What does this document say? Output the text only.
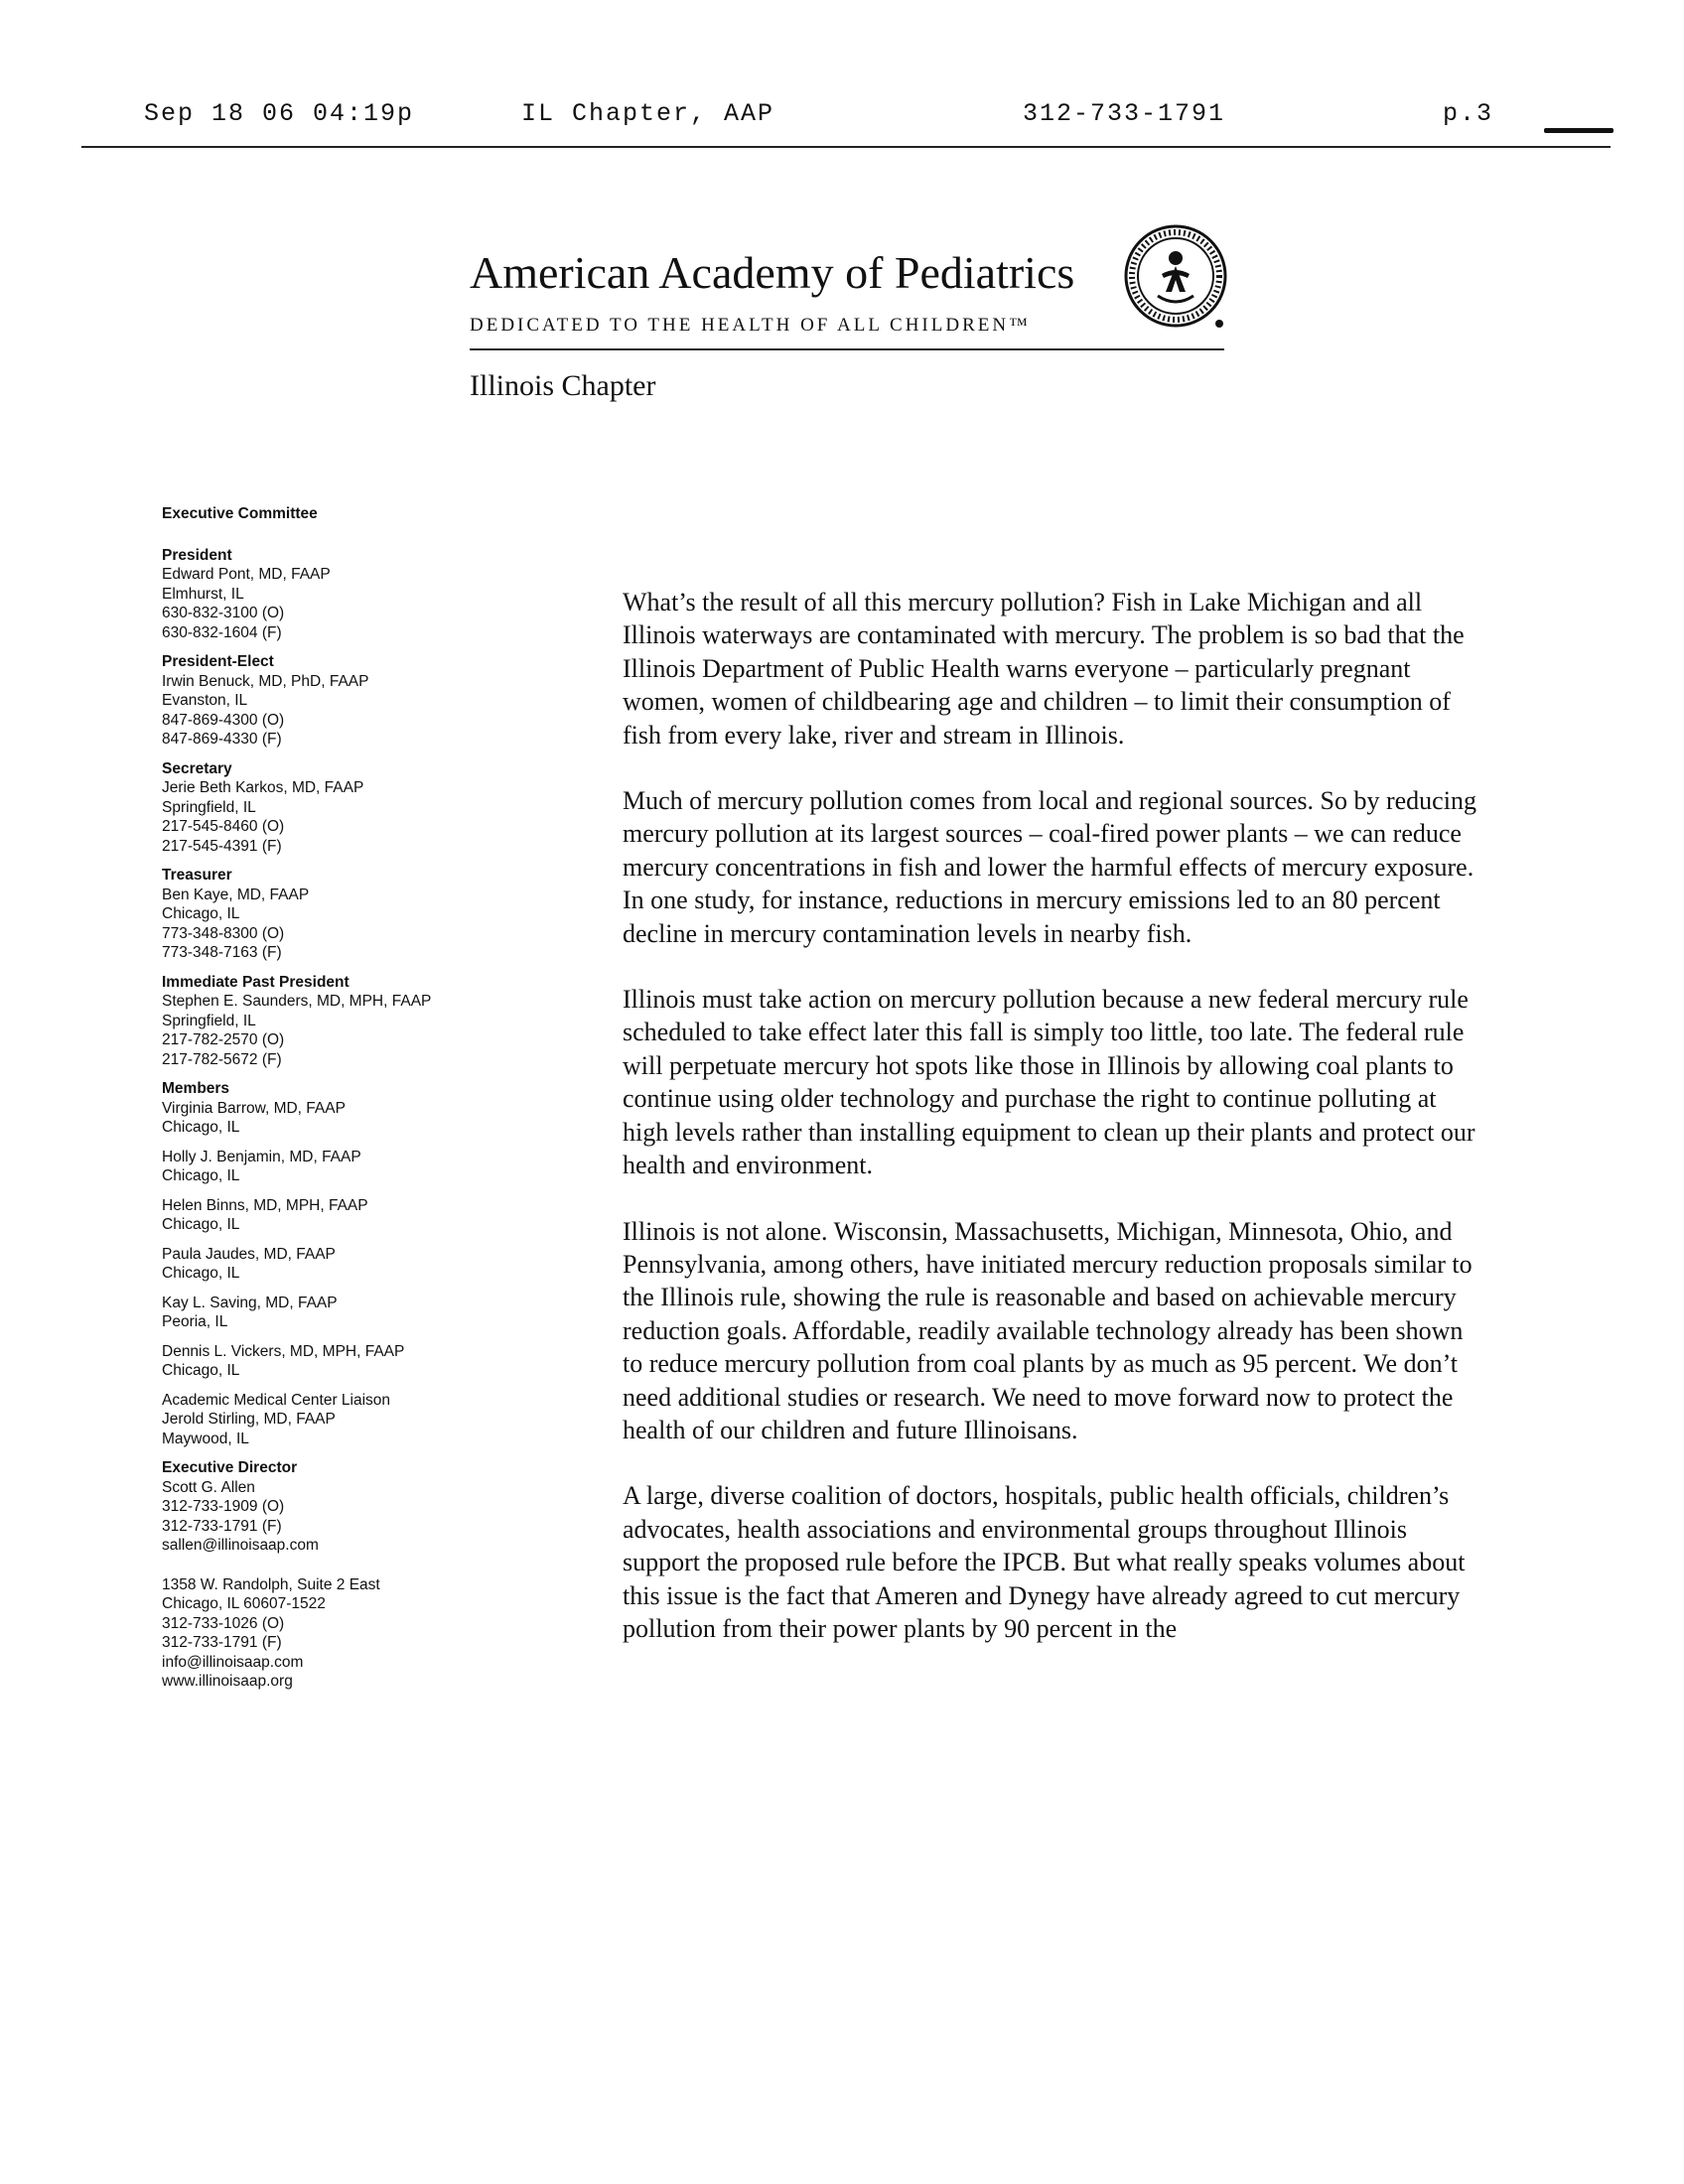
Sep 18 06 04:19p	IL Chapter, AAP	312-733-1791	p.3
American Academy of Pediatrics
DEDICATED TO THE HEALTH OF ALL CHILDREN™
Illinois Chapter
Executive Committee
President
Edward Pont, MD, FAAP
Elmhurst, IL
630-832-3100 (O)
630-832-1604 (F)
President-Elect
Irwin Benuck, MD, PhD, FAAP
Evanston, IL
847-869-4300 (O)
847-869-4330 (F)
Secretary
Jerie Beth Karkos, MD, FAAP
Springfield, IL
217-545-8460 (O)
217-545-4391 (F)
Treasurer
Ben Kaye, MD, FAAP
Chicago, IL
773-348-8300 (O)
773-348-7163 (F)
Immediate Past President
Stephen E. Saunders, MD, MPH, FAAP
Springfield, IL
217-782-2570 (O)
217-782-5672 (F)
Members
Virginia Barrow, MD, FAAP
Chicago, IL
Holly J. Benjamin, MD, FAAP
Chicago, IL
Helen Binns, MD, MPH, FAAP
Chicago, IL
Paula Jaudes, MD, FAAP
Chicago, IL
Kay L. Saving, MD, FAAP
Peoria, IL
Dennis L. Vickers, MD, MPH, FAAP
Chicago, IL
Academic Medical Center Liaison
Jerold Stirling, MD, FAAP
Maywood, IL
Executive Director
Scott G. Allen
312-733-1909 (O)
312-733-1791 (F)
sallen@illinoisaap.com
1358 W. Randolph, Suite 2 East
Chicago, IL 60607-1522
312-733-1026 (O)
312-733-1791 (F)
info@illinoisaap.com
www.illinoisaap.org

What’s the result of all this mercury pollution? Fish in Lake Michigan and all Illinois waterways are contaminated with mercury. The problem is so bad that the Illinois Department of Public Health warns everyone – particularly pregnant women, women of childbearing age and children – to limit their consumption of fish from every lake, river and stream in Illinois.

Much of mercury pollution comes from local and regional sources. So by reducing mercury pollution at its largest sources – coal-fired power plants – we can reduce mercury concentrations in fish and lower the harmful effects of mercury exposure. In one study, for instance, reductions in mercury emissions led to an 80 percent decline in mercury contamination levels in nearby fish.

Illinois must take action on mercury pollution because a new federal mercury rule scheduled to take effect later this fall is simply too little, too late. The federal rule will perpetuate mercury hot spots like those in Illinois by allowing coal plants to continue using older technology and purchase the right to continue polluting at high levels rather than installing equipment to clean up their plants and protect our health and environment.

Illinois is not alone. Wisconsin, Massachusetts, Michigan, Minnesota, Ohio, and Pennsylvania, among others, have initiated mercury reduction proposals similar to the Illinois rule, showing the rule is reasonable and based on achievable mercury reduction goals. Affordable, readily available technology already has been shown to reduce mercury pollution from coal plants by as much as 95 percent. We don’t need additional studies or research. We need to move forward now to protect the health of our children and future Illinoisans.

A large, diverse coalition of doctors, hospitals, public health officials, children’s advocates, health associations and environmental groups throughout Illinois support the proposed rule before the IPCB. But what really speaks volumes about this issue is the fact that Ameren and Dynegy have already agreed to cut mercury pollution from their power plants by 90 percent in the
